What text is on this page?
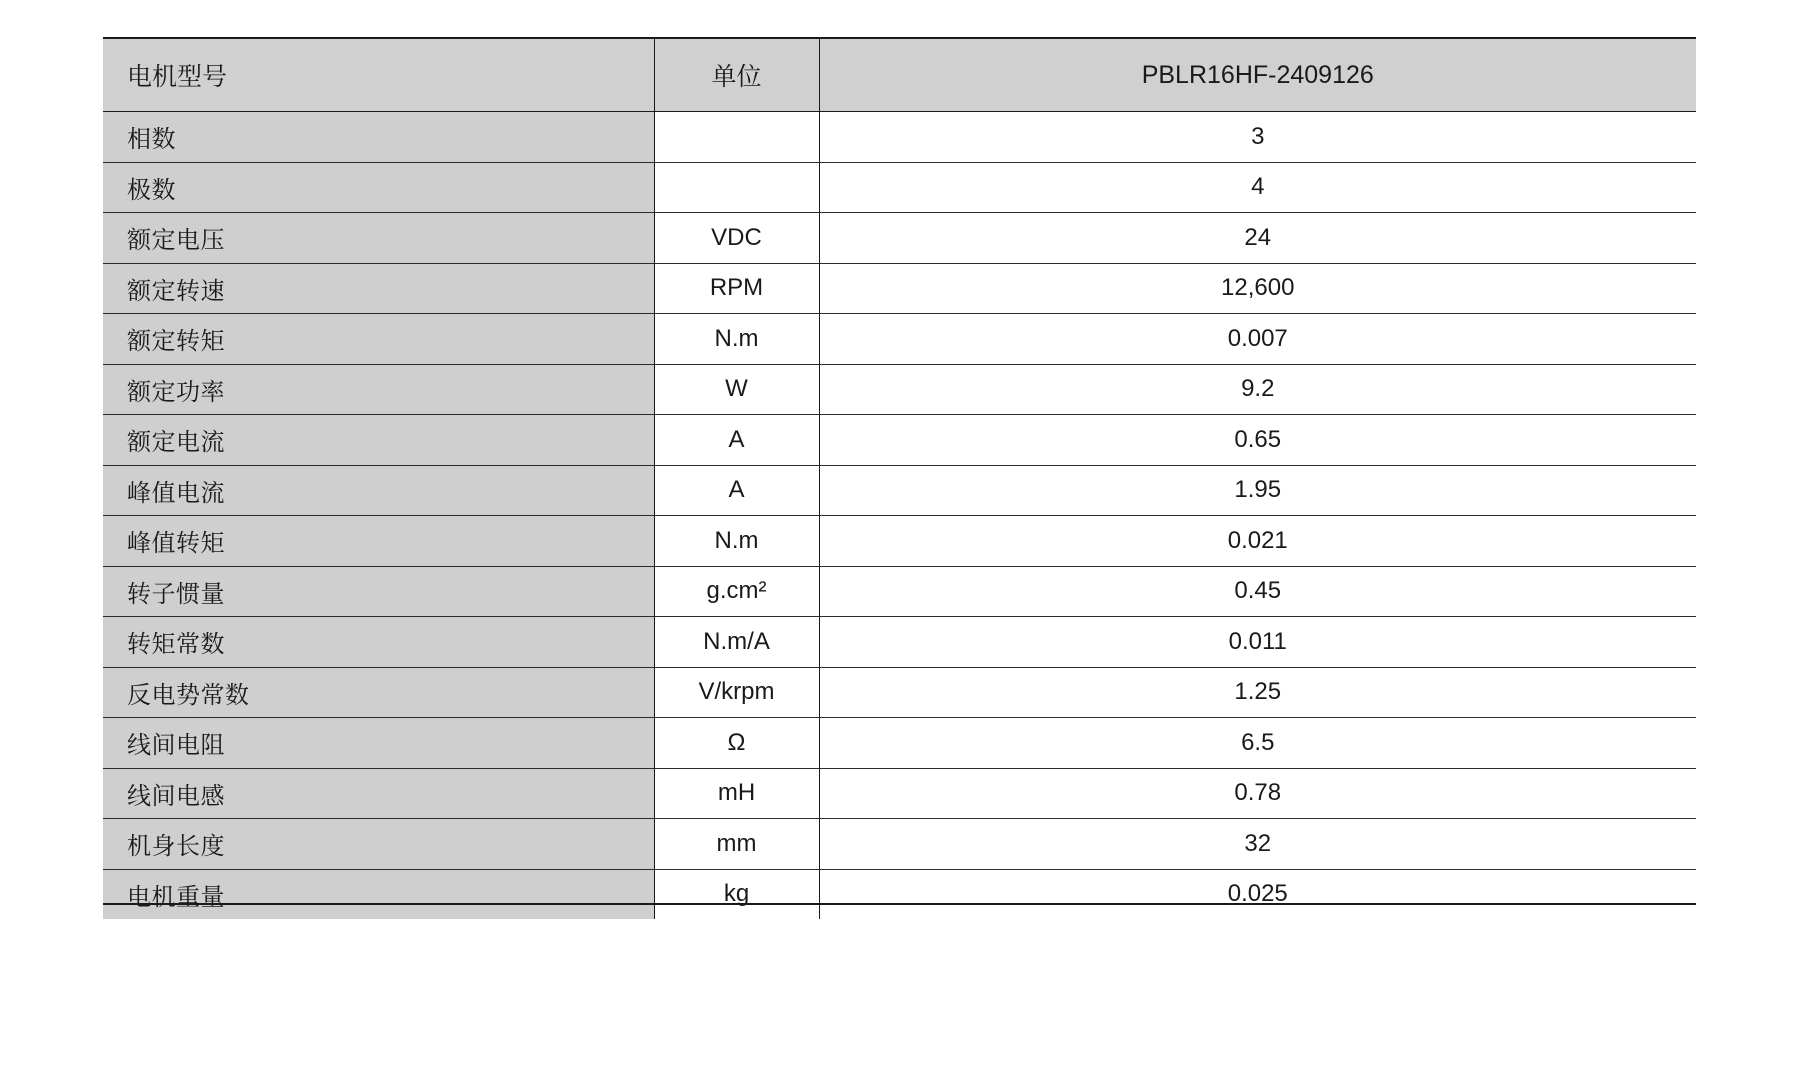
电机型号	单位	PBLR16HF-2409126
相数		3
极数		4
额定电压	VDC	24
额定转速	RPM	12,600
额定转矩	N.m	0.007
额定功率	W	9.2
额定电流	A	0.65
峰值电流	A	1.95
峰值转矩	N.m	0.021
转子惯量	g.cm²	0.45
转矩常数	N.m/A	0.011
反电势常数	V/krpm	1.25
线间电阻	Ω	6.5
线间电感	mH	0.78
机身长度	mm	32
电机重量	kg	0.025
